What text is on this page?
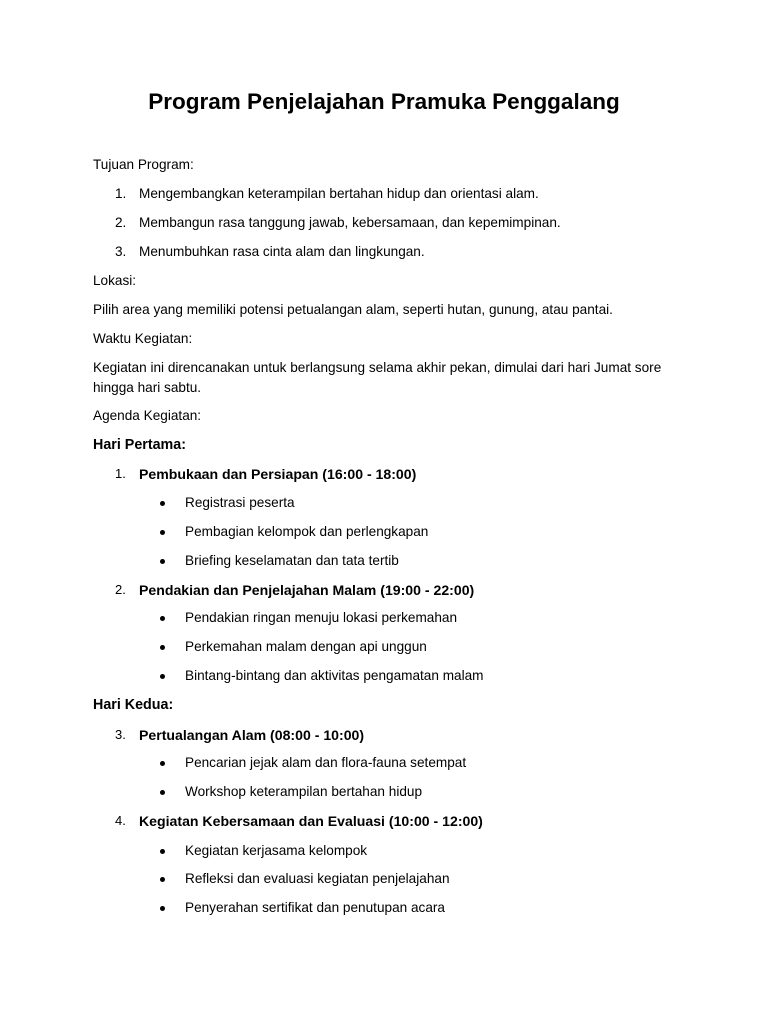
Program Penjelajahan Pramuka Penggalang

Tujuan Program:

1. Mengembangkan keterampilan bertahan hidup dan orientasi alam.

2. Membangun rasa tanggung jawab, kebersamaan, dan kepemimpinan.

3. Menumbuhkan rasa cinta alam dan lingkungan.

Lokasi:

Pilih area yang memiliki potensi petualangan alam, seperti hutan, gunung, atau pantai.

Waktu Kegiatan:

Kegiatan ini direncanakan untuk berlangsung selama akhir pekan, dimulai dari hari Jumat sore hingga hari sabtu.

Agenda Kegiatan:

Hari Pertama:

1. Pembukaan dan Persiapan (16:00 - 18:00)

Registrasi peserta

Pembagian kelompok dan perlengkapan

Briefing keselamatan dan tata tertib

2. Pendakian dan Penjelajahan Malam (19:00 - 22:00)

Pendakian ringan menuju lokasi perkemahan

Perkemahan malam dengan api unggun

Bintang-bintang dan aktivitas pengamatan malam

Hari Kedua:

3. Pertualangan Alam (08:00 - 10:00)

Pencarian jejak alam dan flora-fauna setempat

Workshop keterampilan bertahan hidup

4. Kegiatan Kebersamaan dan Evaluasi (10:00 - 12:00)

Kegiatan kerjasama kelompok

Refleksi dan evaluasi kegiatan penjelajahan

Penyerahan sertifikat dan penutupan acara
